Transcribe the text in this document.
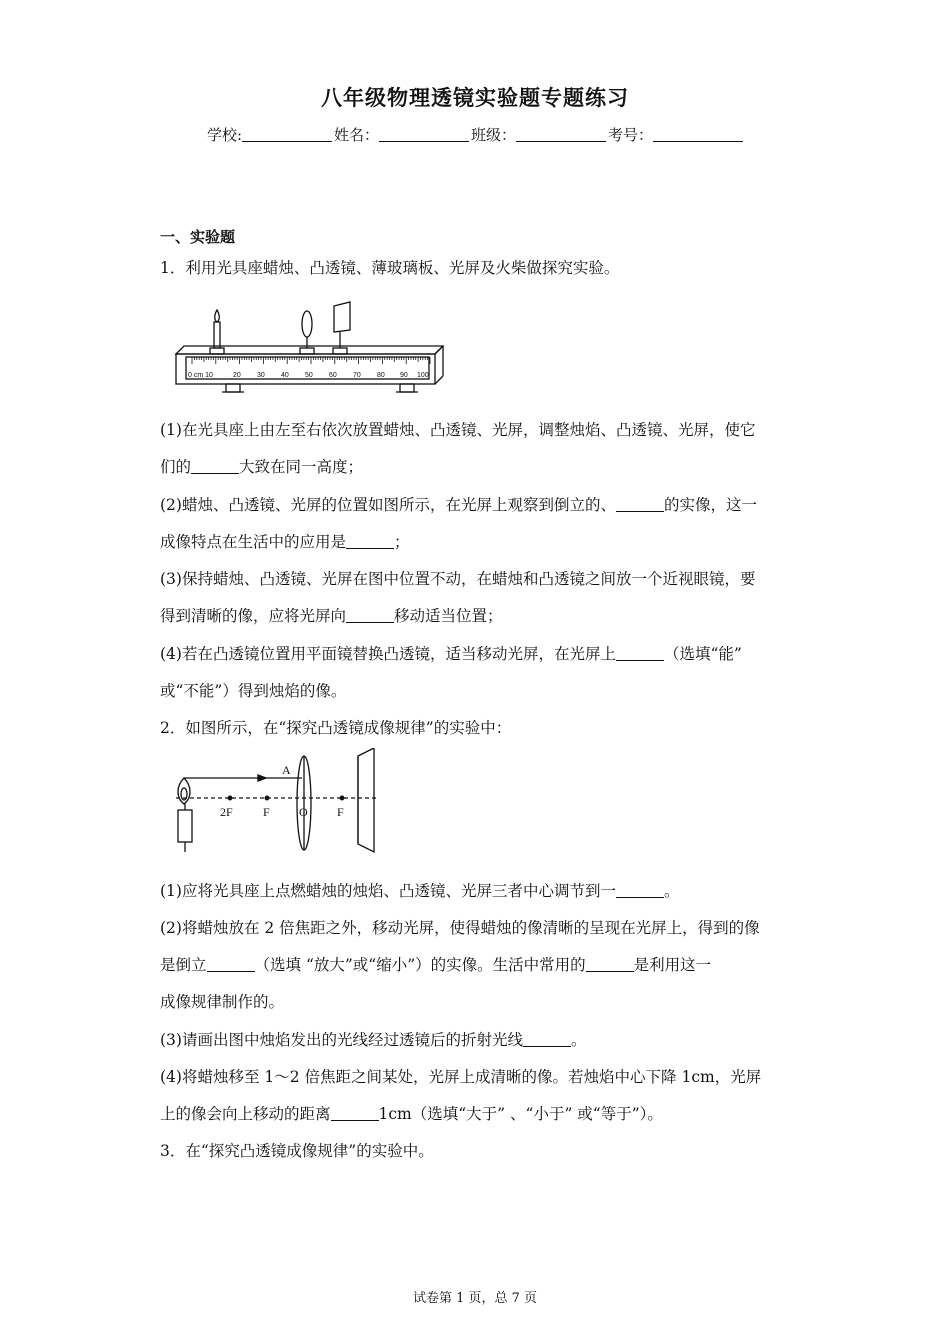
八年级物理透镜实验题专题练习
学校:	姓名：	班级：	考号：
一、实验题
1．利用光具座蜡烛、凸透镜、薄玻璃板、光屏及火柴做探究实验。
0 cm 10	20 30 40 50 60 70 80 90 100
(1)在光具座上由左至右依次放置蜡烛、凸透镜、光屏，调整烛焰、凸透镜、光屏，使它
们的	大致在同一高度；
(2)蜡烛、凸透镜、光屏的位置如图所示，在光屏上观察到倒立的、	的实像，这一
成像特点在生活中的应用是	；
(3)保持蜡烛、凸透镜、光屏在图中位置不动，在蜡烛和凸透镜之间放一个近视眼镜，要
得到清晰的像，应将光屏向	移动适当位置；
(4)若在凸透镜位置用平面镜替换凸透镜，适当移动光屏，在光屏上	（选填“能”
或“不能”）得到烛焰的像。
2．如图所示，在“探究凸透镜成像规律”的实验中：
A
2F	F O F
(1)应将光具座上点燃蜡烛的烛焰、凸透镜、光屏三者中心调节到一	。
(2)将蜡烛放在 2 倍焦距之外，移动光屏，使得蜡烛的像清晰的呈现在光屏上，得到的像
是倒立	（选填 “放大”或“缩小”）的实像。生活中常用的	是利用这一
成像规律制作的。
(3)请画出图中烛焰发出的光线经过透镜后的折射光线	。
(4)将蜡烛移至 1～2 倍焦距之间某处，光屏上成清晰的像。若烛焰中心下降 1cm，光屏
上的像会向上移动的距离	1cm（选填“大于” 、“小于” 或“等于”）。
3．在“探究凸透镜成像规律”的实验中。
试卷第 1 页，总 7 页
